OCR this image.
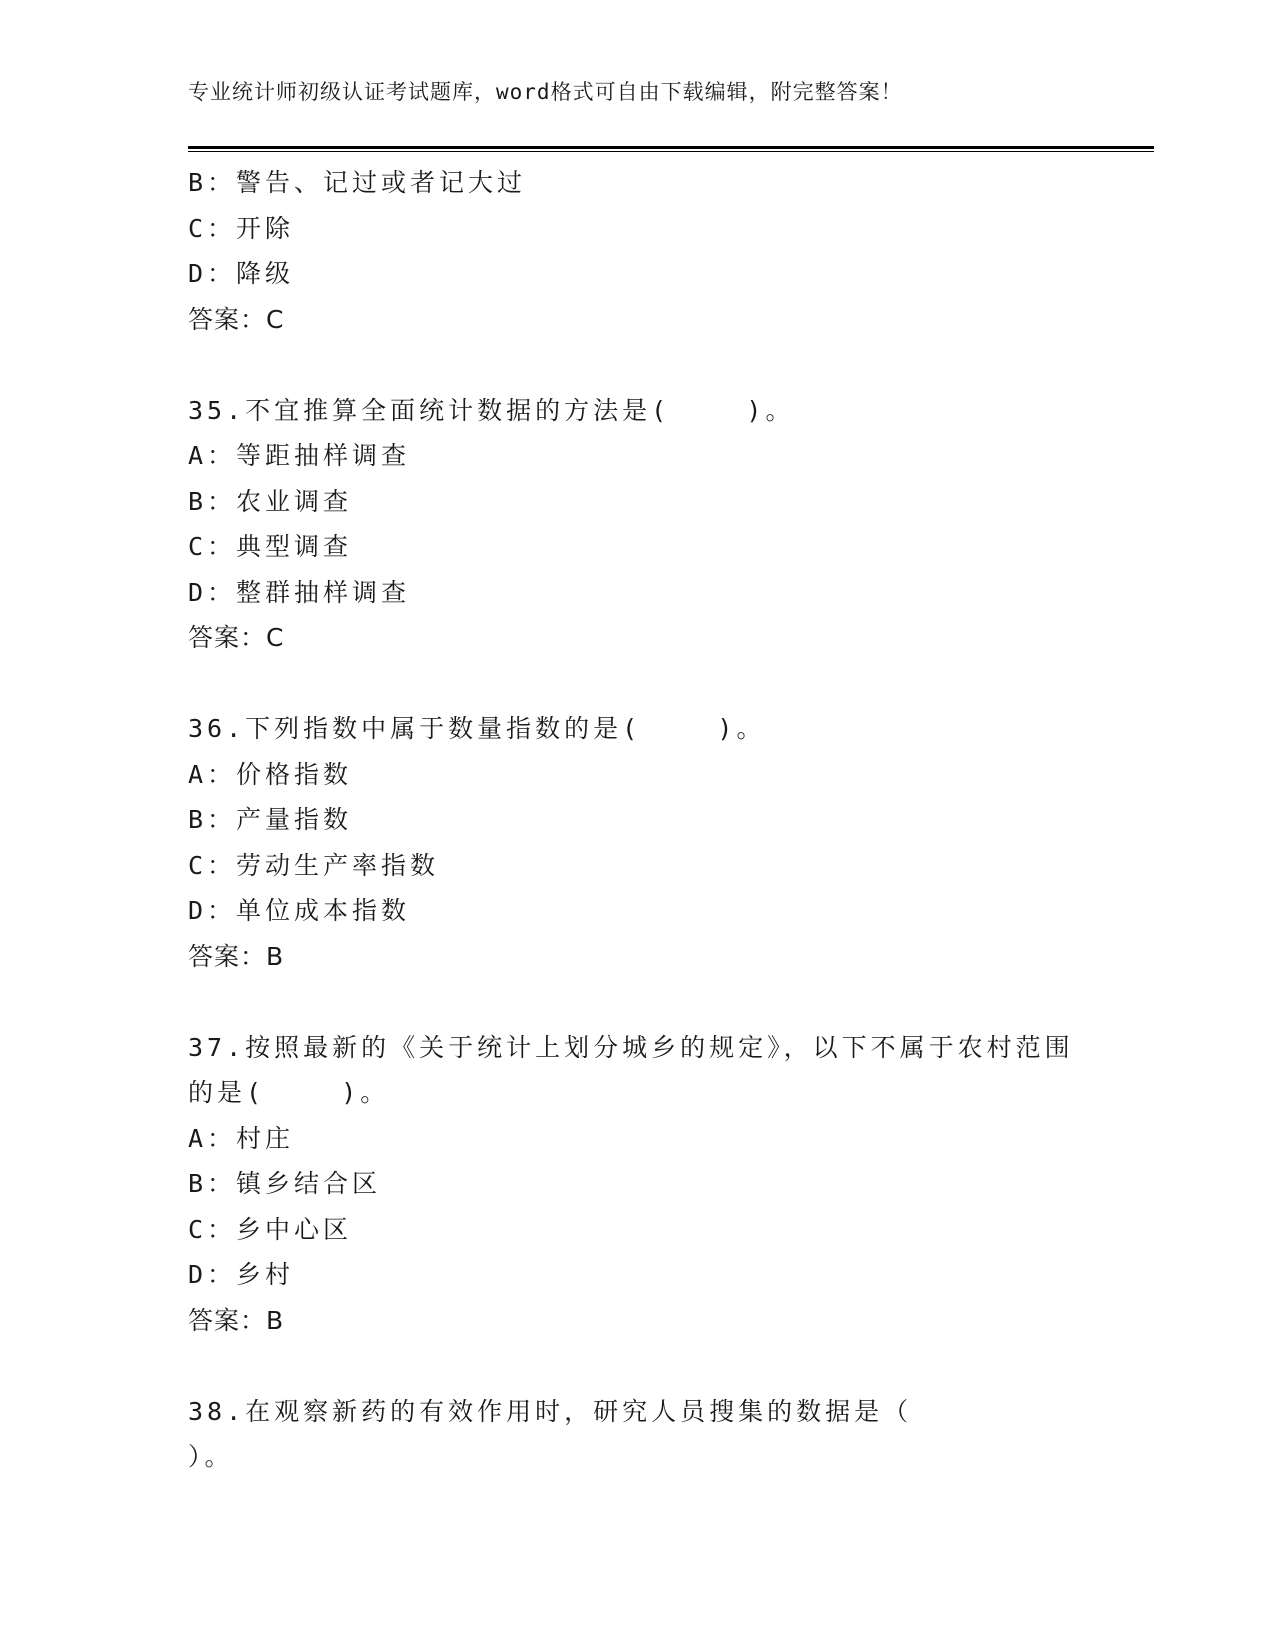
专业统计师初级认证考试题库，word格式可自由下载编辑，附完整答案！
B：警告、记过或者记大过
C：开除
D：降级
答案：C
35.不宜推算全面统计数据的方法是(    )。
A：等距抽样调查
B：农业调查
C：典型调查
D：整群抽样调查
答案：C
36.下列指数中属于数量指数的是(    )。
A：价格指数
B：产量指数
C：劳动生产率指数
D：单位成本指数
答案：B
37.按照最新的《关于统计上划分城乡的规定》，以下不属于农村范围
的是(    )。
A：村庄
B：镇乡结合区
C：乡中心区
D：乡村
答案：B
38.在观察新药的有效作用时，研究人员搜集的数据是（
）。
